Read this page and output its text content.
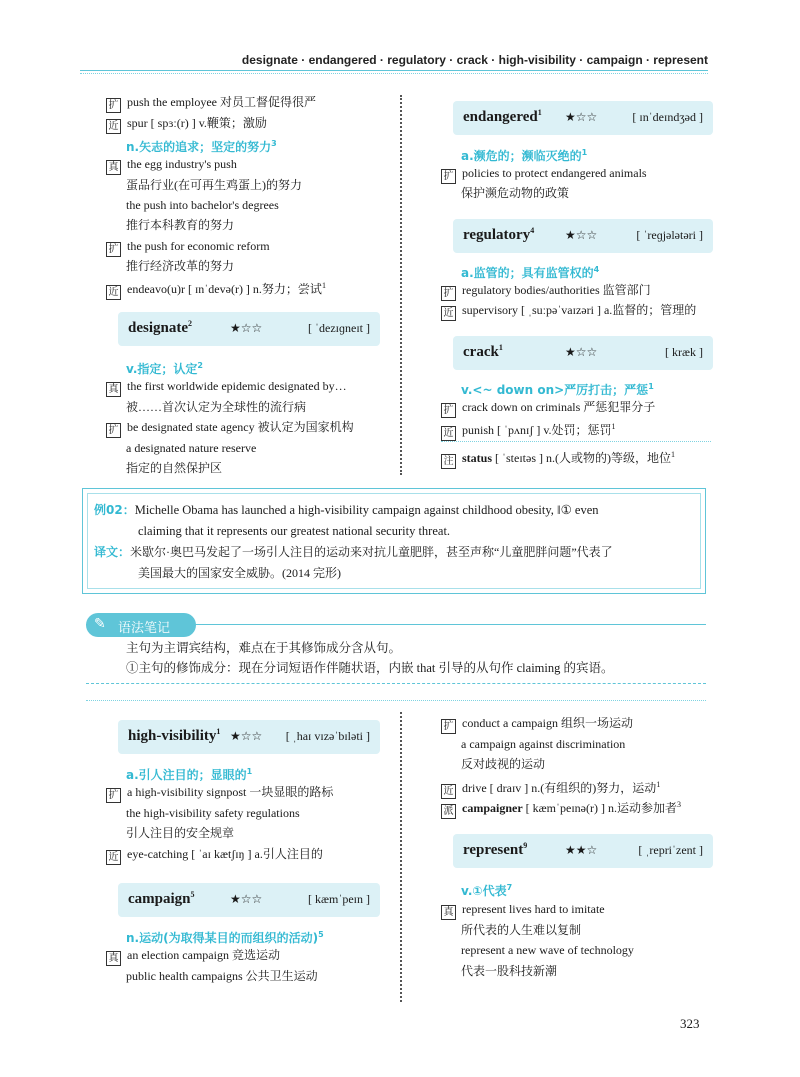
designate · endangered · regulatory · crack · high-visibility · campaign · represent
扩 push the employee 对员工督促得很严
近 spur [ spɜː(r) ] v.鞭策；激励
n.矢志的追求；坚定的努力$^3$
真 the egg industry's push
蛋品行业(在可再生鸡蛋上)的努力
the push into bachelor's degrees
推行本科教育的努力
扩 the push for economic reform
推行经济改革的努力
近 endeavo(u)r [ ɪnˈdevə(r) ] n.努力；尝试$^1$
designate$^2$	★☆☆	[ ˈdezɪɡneɪt ]
v.指定；认定$^2$
真 the first worldwide epidemic designated by…
被……首次认定为全球性的流行病
扩 be designated state agency 被认定为国家机构
a designated nature reserve
指定的自然保护区
endangered$^1$ ★☆☆	[ ɪnˈdeɪndʒəd ]
a.濒危的；濒临灭绝的$^1$
扩 policies to protect endangered animals
保护濒危动物的政策
regulatory$^4$	★☆☆	[ ˈreɡjələtəri ]
a.监管的；具有监管权的$^4$
扩 regulatory bodies/authorities 监管部门
近 supervisory [ ˌsuːpəˈvaɪzəri ] a.监督的；管理的
crack$^1$	★☆☆	[ kræk ]
v.<~ down on>严厉打击；严惩$^1$
扩 crack down on criminals 严惩犯罪分子
近 punish [ ˈpʌnɪʃ ] v.处罚；惩罚$^1$
注 status [ ˈsteɪtəs ] n.(人或物的)等级，地位$^1$
例02：Michelle Obama has launched a high-visibility campaign against childhood obesity, ‖① even
claiming that it represents our greatest national security threat.
译文：米歇尔·奥巴马发起了一场引人注目的运动来对抗儿童肥胖，甚至声称“儿童肥胖问题”代表了
美国最大的国家安全威胁。(2014 完形)
✎ 语法笔记
主句为主谓宾结构，难点在于其修饰成分含从句。
①主句的修饰成分：现在分词短语作伴随状语，内嵌 that 引导的从句作 claiming 的宾语。
high-visibility$^1$ ★☆☆ [ ˌhaɪ vɪzəˈbɪləti ]
a.引人注目的；显眼的$^1$
扩 a high-visibility signpost 一块显眼的路标
the high-visibility safety regulations
引人注目的安全规章
近 eye-catching [ ˈaɪ kætʃɪŋ ] a.引人注目的
campaign$^5$	★☆☆	[ kæmˈpeɪn ]
n.运动(为取得某目的而组织的活动)$^5$
真 an election campaign 竞选运动
public health campaigns 公共卫生运动
扩 conduct a campaign 组织一场运动
a campaign against discrimination
反对歧视的运动
近 drive [ draɪv ] n.(有组织的)努力，运动$^1$
派 campaigner [ kæmˈpeɪnə(r) ] n.运动参加者$^3$
represent$^9$	★★☆	[ ˌrepriˈzent ]
v.①代表$^7$
真 represent lives hard to imitate
所代表的人生难以复制
represent a new wave of technology
代表一股科技新潮
323
